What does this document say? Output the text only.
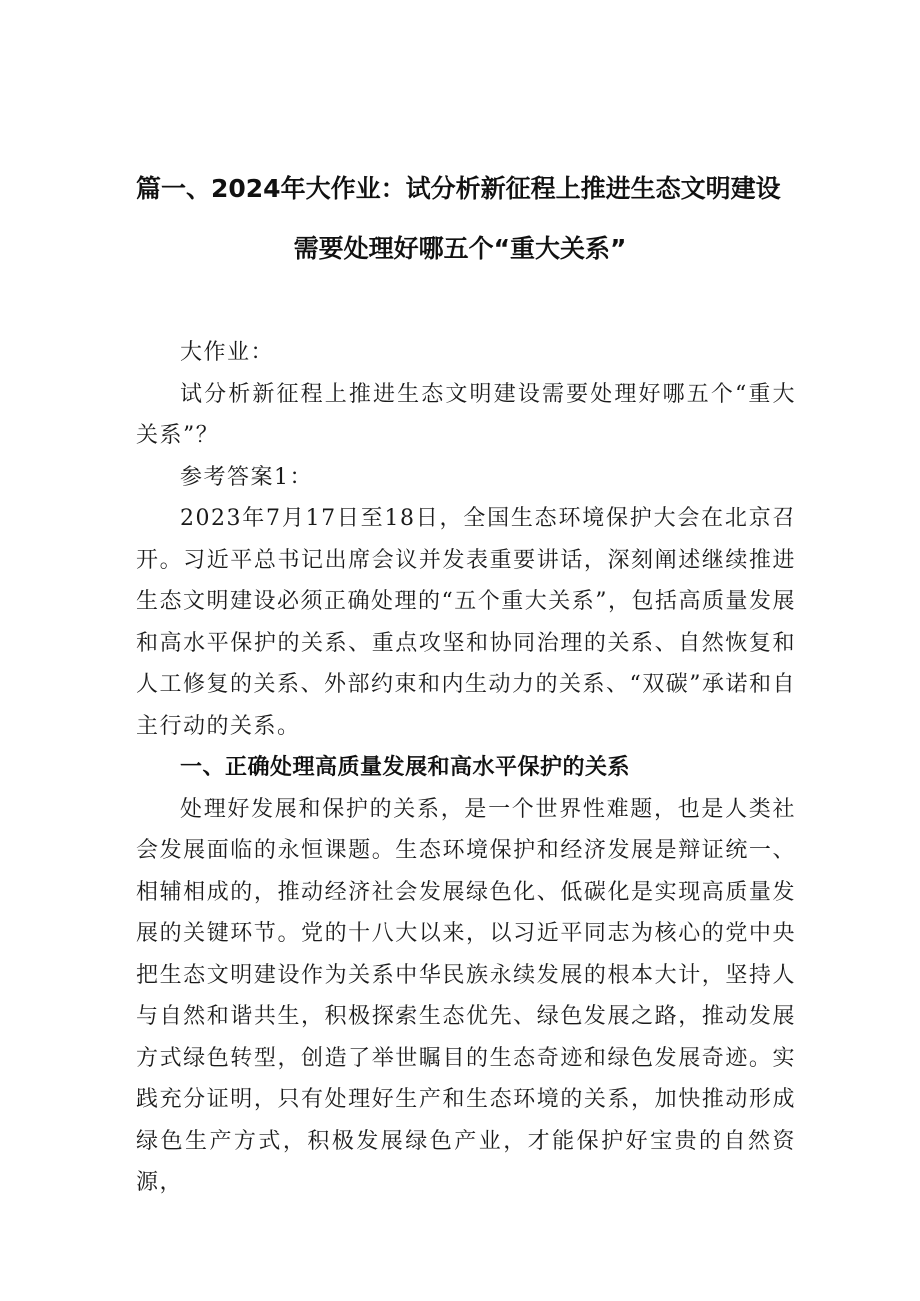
篇一、2024年大作业：试分析新征程上推进生态文明建设
需要处理好哪五个“重大关系”

大作业：

试分析新征程上推进生态文明建设需要处理好哪五个“重大关系”？

参考答案1：

2023年7月17日至18日，全国生态环境保护大会在北京召开。习近平总书记出席会议并发表重要讲话，深刻阐述继续推进生态文明建设必须正确处理的“五个重大关系”，包括高质量发展和高水平保护的关系、重点攻坚和协同治理的关系、自然恢复和人工修复的关系、外部约束和内生动力的关系、“双碳”承诺和自主行动的关系。

一、正确处理高质量发展和高水平保护的关系

处理好发展和保护的关系，是一个世界性难题，也是人类社会发展面临的永恒课题。生态环境保护和经济发展是辩证统一、相辅相成的，推动经济社会发展绿色化、低碳化是实现高质量发展的关键环节。党的十八大以来，以习近平同志为核心的党中央把生态文明建设作为关系中华民族永续发展的根本大计，坚持人与自然和谐共生，积极探索生态优先、绿色发展之路，推动发展方式绿色转型，创造了举世瞩目的生态奇迹和绿色发展奇迹。实践充分证明，只有处理好生产和生态环境的关系，加快推动形成绿色生产方式，积极发展绿色产业，才能保护好宝贵的自然资源，
